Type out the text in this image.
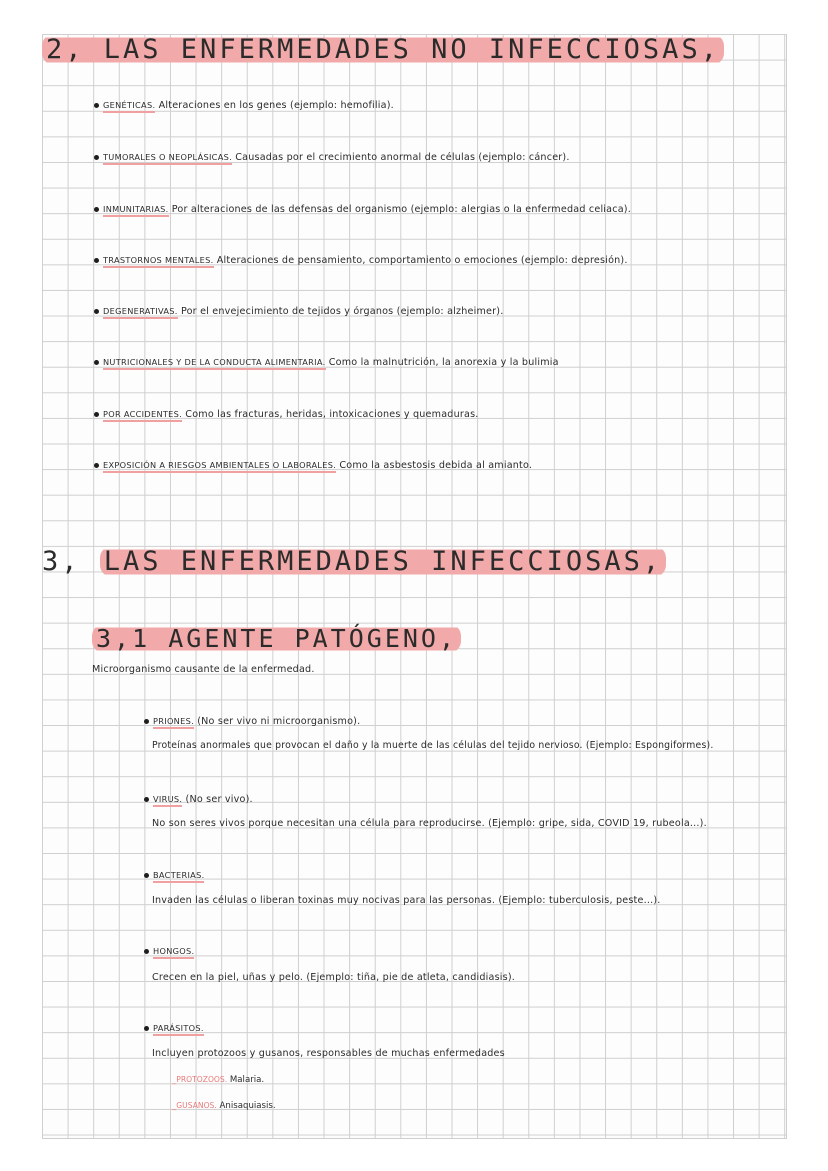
2, LAS ENFERMEDADES NO INFECCIOSAS,
GENÉTICAS. Alteraciones en los genes (ejemplo: hemofilia).
TUMORALES O NEOPLÁSICAS. Causadas por el crecimiento anormal de células (ejemplo: cáncer).
INMUNITARIAS. Por alteraciones de las defensas del organismo (ejemplo: alergias o la enfermedad celiaca).
TRASTORNOS MENTALES. Alteraciones de pensamiento, comportamiento o emociones (ejemplo: depresión).
DEGENERATIVAS. Por el envejecimiento de tejidos y órganos (ejemplo: alzheimer).
NUTRICIONALES Y DE LA CONDUCTA ALIMENTARIA. Como la malnutrición, la anorexia y la bulimia
POR ACCIDENTES. Como las fracturas, heridas, intoxicaciones y quemaduras.
EXPOSICIÓN A RIESGOS AMBIENTALES O LABORALES. Como la asbestosis debida al amianto.
3, LAS ENFERMEDADES INFECCIOSAS,
3,1 AGENTE PATÓGENO,
Microorganismo causante de la enfermedad.
PRIONES. (No ser vivo ni microorganismo).
Proteínas anormales que provocan el daño y la muerte de las células del tejido nervioso. (Ejemplo: Espongiformes).
VIRUS. (No ser vivo).
No son seres vivos porque necesitan una célula para reproducirse. (Ejemplo: gripe, sida, COVID 19, rubeola...).
BACTERIAS.
Invaden las células o liberan toxinas muy nocivas para las personas. (Ejemplo: tuberculosis, peste...).
HONGOS.
Crecen en la piel, uñas y pelo. (Ejemplo: tiña, pie de atleta, candidiasis).
PARÁSITOS.
Incluyen protozoos y gusanos, responsables de muchas enfermedades
_PROTOZOOS. Malaria.
_GUSANOS. Anisaquiasis.
